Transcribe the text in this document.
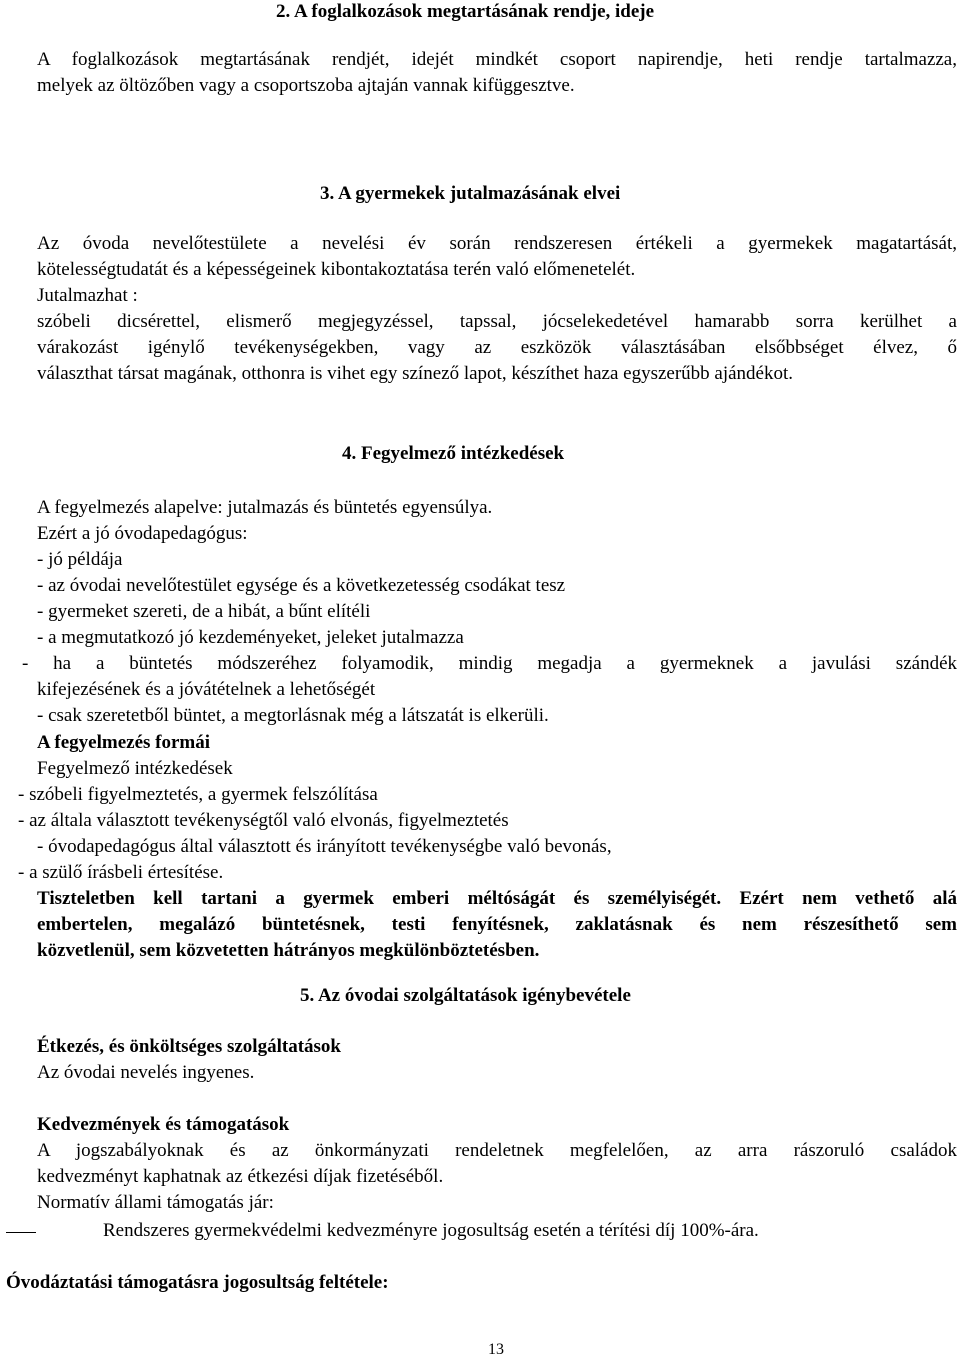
2. A foglalkozások megtartásának rendje, ideje
A foglalkozások megtartásának rendjét, idejét mindkét csoport napirendje, heti rendje tartalmazza,
melyek az öltözőben vagy a csoportszoba ajtaján vannak kifüggesztve.
3. A gyermekek jutalmazásának elvei
Az óvoda nevelőtestülete a nevelési év során rendszeresen értékeli a gyermekek magatartását,
kötelességtudatát és a képességeinek kibontakoztatása terén való előmenetelét.
Jutalmazhat :
szóbeli dicsérettel, elismerő megjegyzéssel, tapssal, jócselekedetével hamarabb sorra kerülhet a
várakozást igénylő tevékenységekben, vagy az eszközök választásában elsőbbséget élvez, ő
választhat társat magának, otthonra is vihet egy színező lapot, készíthet haza egyszerűbb ajándékot.
4. Fegyelmező intézkedések
A fegyelmezés alapelve: jutalmazás és büntetés egyensúlya.
Ezért a jó óvodapedagógus:
- jó példája
- az óvodai nevelőtestület egysége és a következetesség csodákat tesz
- gyermeket szereti, de a hibát, a bűnt elítéli
- a megmutatkozó jó kezdeményeket, jeleket jutalmazza
- ha a büntetés módszeréhez folyamodik, mindig megadja a gyermeknek a javulási szándék
kifejezésének és a jóvátételnek a lehetőségét
- csak szeretetből büntet, a megtorlásnak még a látszatát is elkerüli.
A fegyelmezés formái
Fegyelmező intézkedések
- szóbeli figyelmeztetés, a gyermek felszólítása
- az általa választott tevékenységtől való elvonás, figyelmeztetés
- óvodapedagógus által választott és irányított tevékenységbe való bevonás,
- a szülő írásbeli értesítése.
Tiszteletben kell tartani a gyermek emberi méltóságát és személyiségét. Ezért nem vethető alá
embertelen, megalázó büntetésnek, testi fenyítésnek, zaklatásnak és nem részesíthető sem
közvetlenül, sem közvetetten hátrányos megkülönböztetésben.
5. Az óvodai szolgáltatások igénybevétele
Étkezés, és önköltséges szolgáltatások
Az óvodai nevelés ingyenes.
Kedvezmények és támogatások
A jogszabályoknak és az önkormányzati rendeletnek megfelelően, az arra rászoruló családok
kedvezményt kaphatnak az étkezési díjak fizetéséből.
Normatív állami támogatás jár:
Rendszeres gyermekvédelmi kedvezményre jogosultság esetén a térítési díj 100%-ára.
Óvodáztatási támogatásra jogosultság feltétele:
13
